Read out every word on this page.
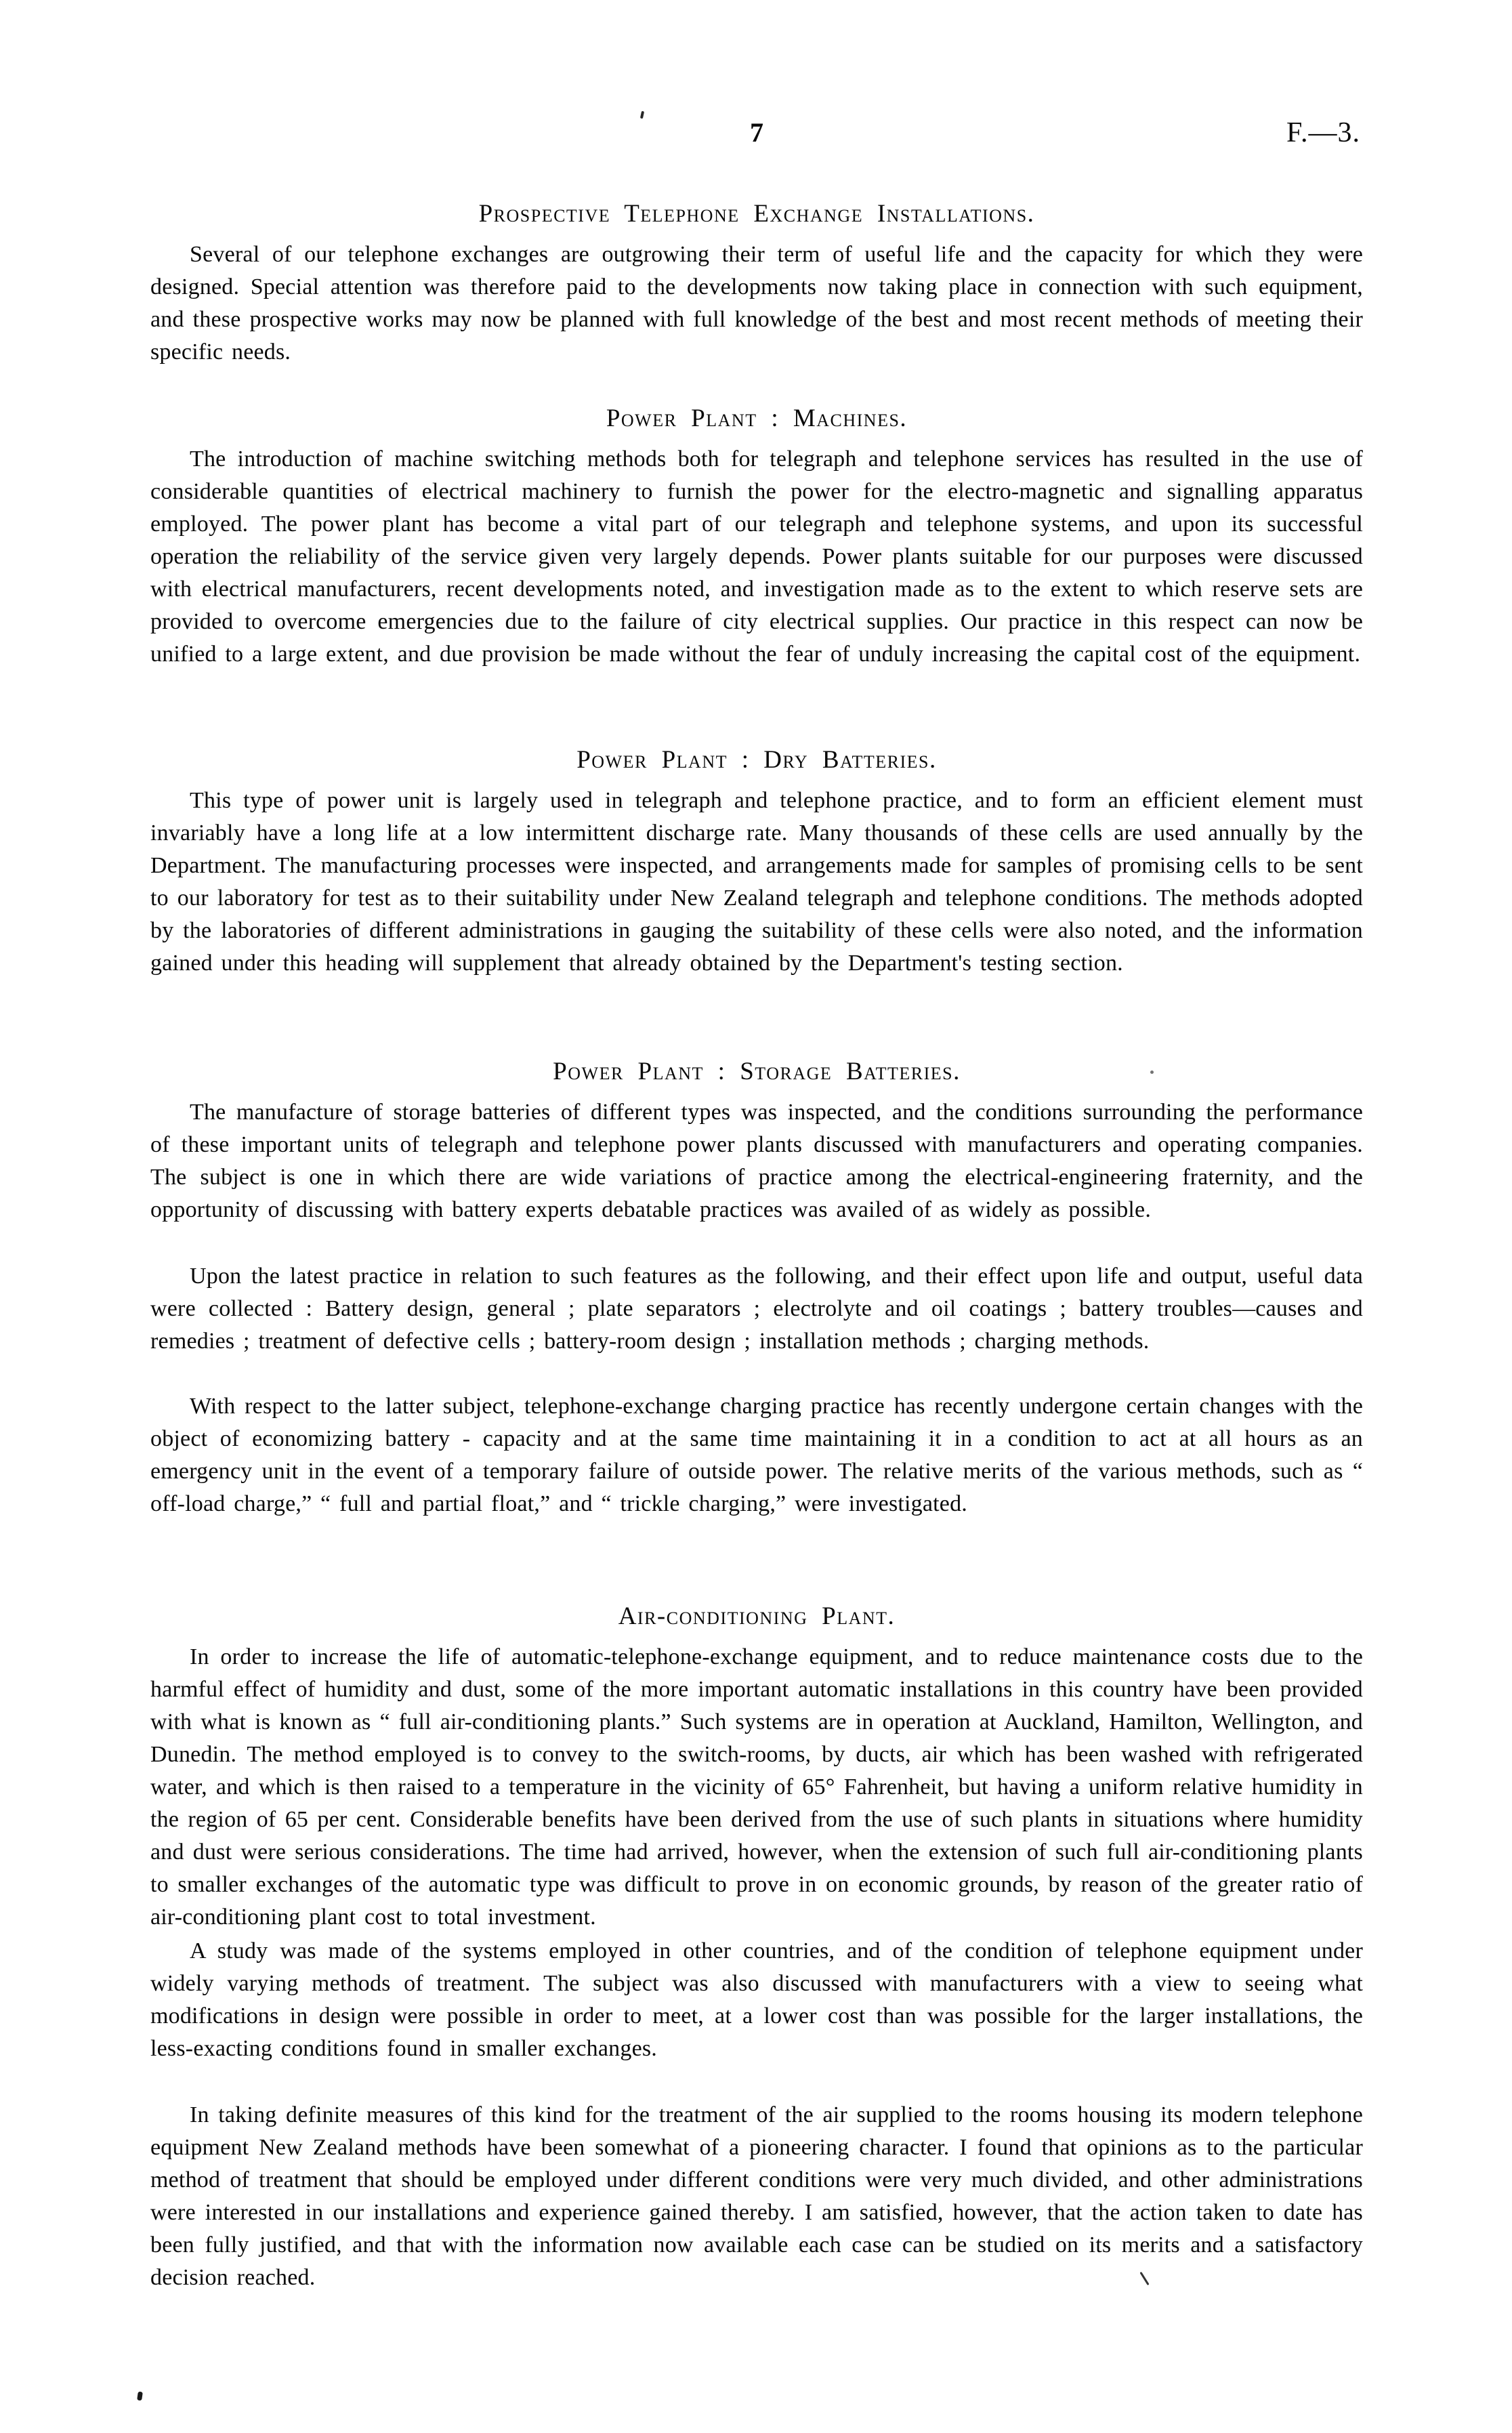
7	F.—3.
Prospective Telephone Exchange Installations.
Several of our telephone exchanges are outgrowing their term of useful life and the capacity for which they were designed. Special attention was therefore paid to the developments now taking place in connection with such equipment, and these prospective works may now be planned with full knowledge of the best and most recent methods of meeting their specific needs.
Power Plant : Machines.
The introduction of machine switching methods both for telegraph and telephone services has resulted in the use of considerable quantities of electrical machinery to furnish the power for the electro-magnetic and signalling apparatus employed. The power plant has become a vital part of our telegraph and telephone systems, and upon its successful operation the reliability of the service given very largely depends. Power plants suitable for our purposes were discussed with electrical manufacturers, recent developments noted, and investigation made as to the extent to which reserve sets are provided to overcome emergencies due to the failure of city electrical supplies. Our practice in this respect can now be unified to a large extent, and due provision be made without the fear of unduly increasing the capital cost of the equipment.
Power Plant : Dry Batteries.
This type of power unit is largely used in telegraph and telephone practice, and to form an efficient element must invariably have a long life at a low intermittent discharge rate. Many thousands of these cells are used annually by the Department. The manufacturing processes were inspected, and arrangements made for samples of promising cells to be sent to our laboratory for test as to their suitability under New Zealand telegraph and telephone conditions. The methods adopted by the laboratories of different administrations in gauging the suitability of these cells were also noted, and the information gained under this heading will supplement that already obtained by the Department's testing section.
Power Plant : Storage Batteries.
The manufacture of storage batteries of different types was inspected, and the conditions surrounding the performance of these important units of telegraph and telephone power plants discussed with manufacturers and operating companies. The subject is one in which there are wide variations of practice among the electrical-engineering fraternity, and the opportunity of discussing with battery experts debatable practices was availed of as widely as possible.
Upon the latest practice in relation to such features as the following, and their effect upon life and output, useful data were collected : Battery design, general ; plate separators ; electrolyte and oil coatings ; battery troubles—causes and remedies ; treatment of defective cells ; battery-room design ; installation methods ; charging methods.
With respect to the latter subject, telephone-exchange charging practice has recently undergone certain changes with the object of economizing battery - capacity and at the same time maintaining it in a condition to act at all hours as an emergency unit in the event of a temporary failure of outside power. The relative merits of the various methods, such as “ off-load charge,” “ full and partial float,” and “ trickle charging,” were investigated.
Air-conditioning Plant.
In order to increase the life of automatic-telephone-exchange equipment, and to reduce maintenance costs due to the harmful effect of humidity and dust, some of the more important automatic installations in this country have been provided with what is known as “ full air-conditioning plants.” Such systems are in operation at Auckland, Hamilton, Wellington, and Dunedin. The method employed is to convey to the switch-rooms, by ducts, air which has been washed with refrigerated water, and which is then raised to a temperature in the vicinity of 65° Fahrenheit, but having a uniform relative humidity in the region of 65 per cent. Considerable benefits have been derived from the use of such plants in situations where humidity and dust were serious considerations. The time had arrived, however, when the extension of such full air-conditioning plants to smaller exchanges of the automatic type was difficult to prove in on economic grounds, by reason of the greater ratio of air-conditioning plant cost to total investment.
A study was made of the systems employed in other countries, and of the condition of telephone equipment under widely varying methods of treatment. The subject was also discussed with manufacturers with a view to seeing what modifications in design were possible in order to meet, at a lower cost than was possible for the larger installations, the less-exacting conditions found in smaller exchanges.
In taking definite measures of this kind for the treatment of the air supplied to the rooms housing its modern telephone equipment New Zealand methods have been somewhat of a pioneering character. I found that opinions as to the particular method of treatment that should be employed under different conditions were very much divided, and other administrations were interested in our installations and experience gained thereby. I am satisfied, however, that the action taken to date has been fully justified, and that with the information now available each case can be studied on its merits and a satisfactory decision reached.
